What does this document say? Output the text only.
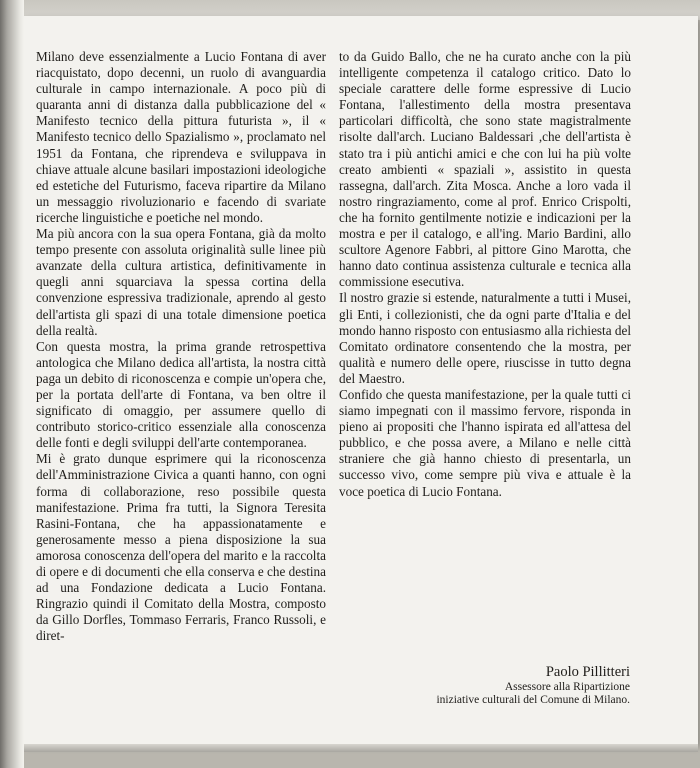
Milano deve essenzialmente a Lucio Fontana di aver riacquistato, dopo decenni, un ruolo di avanguardia culturale in campo internazionale. A poco più di quaranta anni di distanza dalla pubblicazione del « Manifesto tecnico della pittura futurista », il « Manifesto tecnico dello Spazialismo », proclamato nel 1951 da Fontana, che riprendeva e sviluppava in chiave attuale alcune basilari impostazioni ideologiche ed estetiche del Futurismo, faceva ripartire da Milano un messaggio rivoluzionario e facendo di svariate ricerche linguistiche e poetiche nel mondo.

Ma più ancora con la sua opera Fontana, già da molto tempo presente con assoluta originalità sulle linee più avanzate della cultura artistica, definitivamente in quegli anni squarciava la spessa cortina della convenzione espressiva tradizionale, aprendo al gesto dell'artista gli spazi di una totale dimensione poetica della realtà.

Con questa mostra, la prima grande retrospettiva antologica che Milano dedica all'artista, la nostra città paga un debito di riconoscenza e compie un'opera che, per la portata dell'arte di Fontana, va ben oltre il significato di omaggio, per assumere quello di contributo storico-critico essenziale alla conoscenza delle fonti e degli sviluppi dell'arte contemporanea.

Mi è grato dunque esprimere qui la riconoscenza dell'Amministrazione Civica a quanti hanno, con ogni forma di collaborazione, reso possibile questa manifestazione. Prima fra tutti, la Signora Teresita Rasini-Fontana, che ha appassionatamente e generosamente messo a piena disposizione la sua amorosa conoscenza dell'opera del marito e la raccolta di opere e di documenti che ella conserva e che destina ad una Fondazione dedicata a Lucio Fontana. Ringrazio quindi il Comitato della Mostra, composto da Gillo Dorfles, Tommaso Ferraris, Franco Russoli, e diret-

to da Guido Ballo, che ne ha curato anche con la più intelligente competenza il catalogo critico. Dato lo speciale carattere delle forme espressive di Lucio Fontana, l'allestimento della mostra presentava particolari difficoltà, che sono state magistralmente risolte dall'arch. Luciano Baldessari ,che dell'artista è stato tra i più antichi amici e che con lui ha più volte creato ambienti « spaziali », assistito in questa rassegna, dall'arch. Zita Mosca. Anche a loro vada il nostro ringraziamento, come al prof. Enrico Crispolti, che ha fornito gentilmente notizie e indicazioni per la mostra e per il catalogo, e all'ing. Mario Bardini, allo scultore Agenore Fabbri, al pittore Gino Marotta, che hanno dato continua assistenza culturale e tecnica alla commissione esecutiva.

Il nostro grazie si estende, naturalmente a tutti i Musei, gli Enti, i collezionisti, che da ogni parte d'Italia e del mondo hanno risposto con entusiasmo alla richiesta del Comitato ordinatore consentendo che la mostra, per qualità e numero delle opere, riuscisse in tutto degna del Maestro.

Confido che questa manifestazione, per la quale tutti ci siamo impegnati con il massimo fervore, risponda in pieno ai propositi che l'hanno ispirata ed all'attesa del pubblico, e che possa avere, a Milano e nelle città straniere che già hanno chiesto di presentarla, un successo vivo, come sempre più viva e attuale è la voce poetica di Lucio Fontana.

Paolo Pillitteri
Assessore alla Ripartizione
iniziative culturali del Comune di Milano.
